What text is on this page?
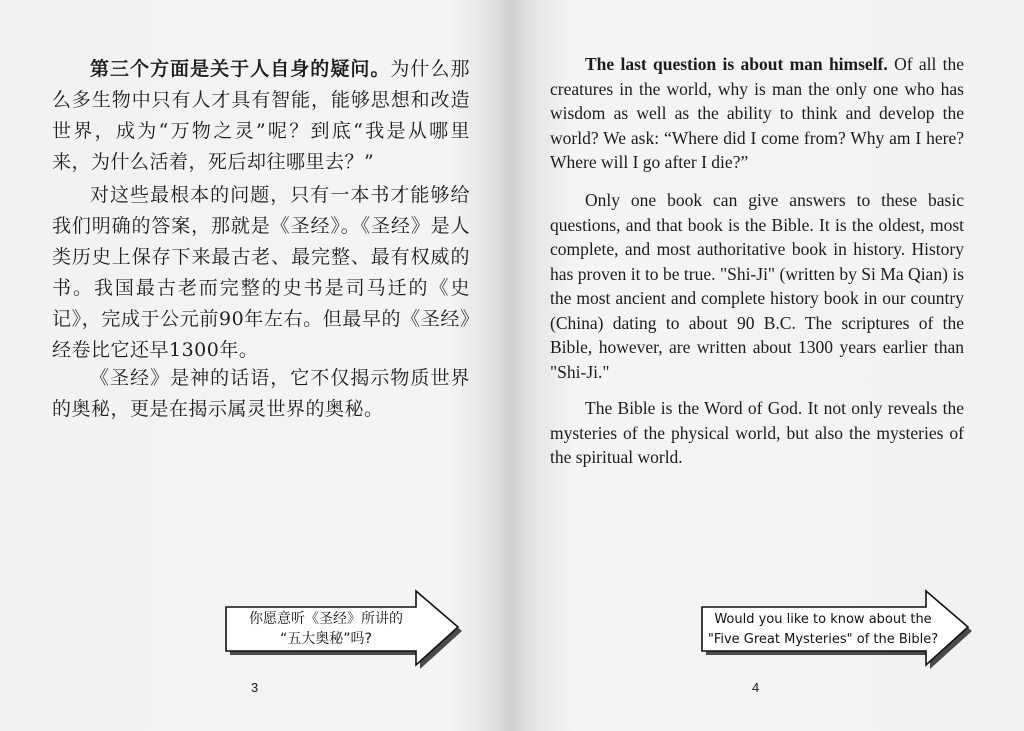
第三个方面是关于人自身的疑问。为什么那么多生物中只有人才具有智能，能够思想和改造世界，成为“万物之灵”呢？到底“我是从哪里来，为什么活着，死后却往哪里去？”

对这些最根本的问题，只有一本书才能够给我们明确的答案，那就是《圣经》。《圣经》是人类历史上保存下来最古老、最完整、最有权威的书。我国最古老而完整的史书是司马迁的《史记》，完成于公元前90年左右。但最早的《圣经》经卷比它还早1300年。

《圣经》是神的话语，它不仅揭示物质世界的奥秘，更是在揭示属灵世界的奥秘。

你愿意听《圣经》所讲的
“五大奥秘”吗?
3

The last question is about man himself. Of all the creatures in the world, why is man the only one who has wisdom as well as the ability to think and develop the world? We ask: “Where did I come from? Why am I here? Where will I go after I die?”

Only one book can give answers to these basic questions, and that book is the Bible. It is the oldest, most complete, and most authoritative book in history. History has proven it to be true. "Shi-Ji" (written by Si Ma Qian) is the most ancient and complete history book in our country (China) dating to about 90 B.C. The scriptures of the Bible, however, are written about 1300 years earlier than "Shi-Ji."

The Bible is the Word of God. It not only reveals the mysteries of the physical world, but also the mysteries of the spiritual world.

Would you like to know about the
"Five Great Mysteries" of the Bible?
4
